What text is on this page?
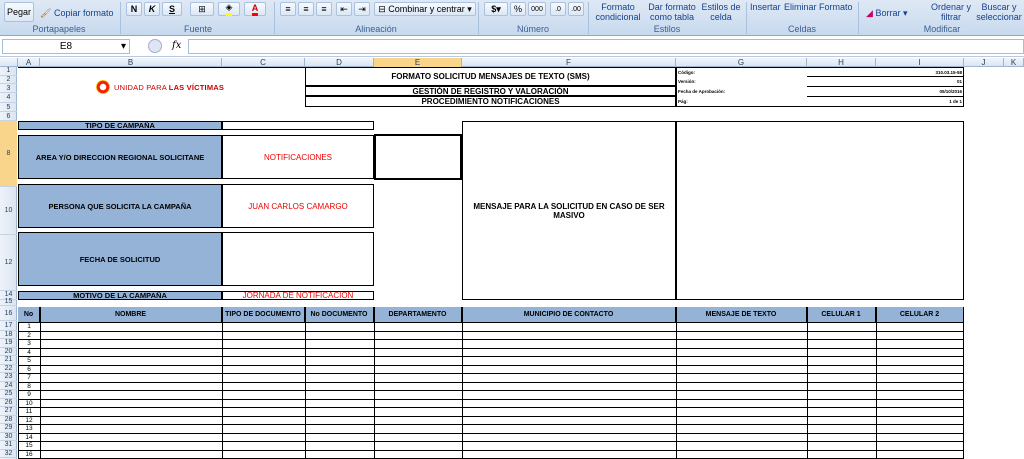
Pegar 🖌 Copiar formato
Portapapeles
N	K	S	⊞ ◈ A
Fuente
≡ ≡ ≡ ⇤ ⇥ ⊟
Combinar y centrar ▾
Alineación
$ ▾	%	000	.0 .00
Número
Formato condicional
Dar formato como tabla
Estilos de celda
Estilos
Insertar Eliminar Formato
Celdas
◢ Borrar ▾
Ordenar y filtrar
Buscar y seleccionar
Modificar
E8	▾	fx
A	B	C	D	E	F	G	H	I	J	K
1
2
3
4
5
6
8
10
12
14
15
16
17
18
19
20
21
22
23
24
25
26
27
28
29
30
31
32
UNIDAD PARA LAS VÍCTIMAS
FORMATO SOLICITUD MENSAJES DE TEXTO (SMS)
GESTIÓN DE REGISTRO Y VALORACIÓN
PROCEDIMIENTO NOTIFICACIONES
Código:
Versión:
Fecha de Aprobación:
Pág:
310.03.15-58
01
05/10/2016
1 de 1
TIPO DE CAMPAÑA
AREA Y/O DIRECCION REGIONAL SOLICITANE	NOTIFICACIONES
PERSONA QUE SOLICITA LA CAMPAÑA	JUAN CARLOS CAMARGO
FECHA DE SOLICITUD
MOTIVO DE LA CAMPAÑA	JORNADA DE NOTIFICACION
MENSAJE PARA LA SOLICITUD EN CASO DE SER MASIVO
No	NOMBRE	TIPO DE DOCUMENTO	No DOCUMENTO	DEPARTAMENTO	MUNICIPIO DE CONTACTO	MENSAJE DE TEXTO	CELULAR 1	CELULAR 2
1
2
3
4
5
6
7
8
9
10
11
12
13
14
15
16
